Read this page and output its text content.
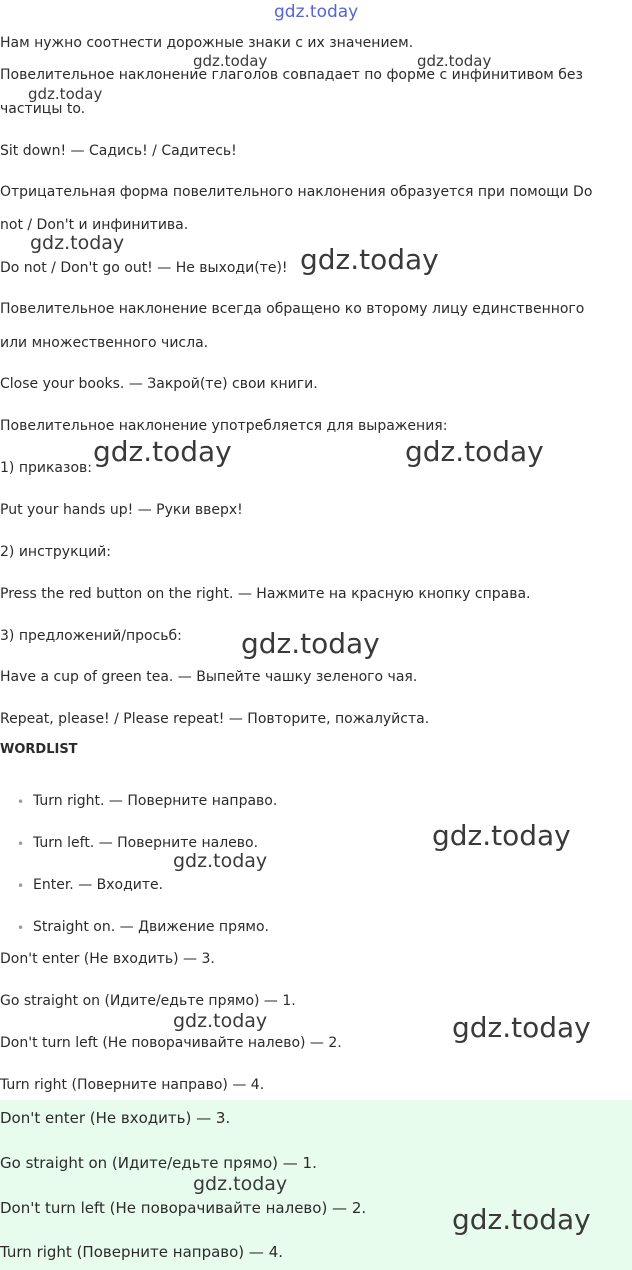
gdz.today
gdz.today	gdz.today
gdz.today
gdz.today
Нам нужно соотнести дорожные знаки с их значением.
Повелительное наклонение глаголов совпадает по форме с инфинитивом без
частицы to.
Sit down! — Садись! / Садитесь!
Отрицательная форма повелительного наклонения образуется при помощи Do
not / Don't и инфинитива.
Do not / Don't go out! — Не выходи(те)! gdz.today
Повелительное наклонение всегда обращено ко второму лицу единственного
или множественного числа.
Close your books. — Закрой(те) свои книги.
Повелительное наклонение употребляется для выражения:
1) приказов: gdz.today	gdz.today
Put your hands up! — Руки вверх!
2) инструкций:
Press the red button on the right. — Нажмите на красную кнопку справа.
3) предложений/просьб: gdz.today
Have a cup of green tea. — Выпейте чашку зеленого чая.
Repeat, please! / Please repeat! — Повторите, пожалуйста.
WORDLIST
• Turn right. — Поверните направо.
• Turn left. — Поверните налево.	gdz.today
gdz.today
• Enter. — Входите.
• Straight on. — Движение прямо.
Don't enter (Не входить) — 3.
Go straight on (Идите/едьте прямо) — 1.
gdz.today	gdz.today
Don't turn left (Не поворачивайте налево) — 2.
Turn right (Поверните направо) — 4.
Don't enter (Не входить) — 3.
Go straight on (Идите/едьте прямо) — 1.
gdz.today
Don't turn left (Не поворачивайте налево) — 2.	gdz.today
Turn right (Поверните направо) — 4.
